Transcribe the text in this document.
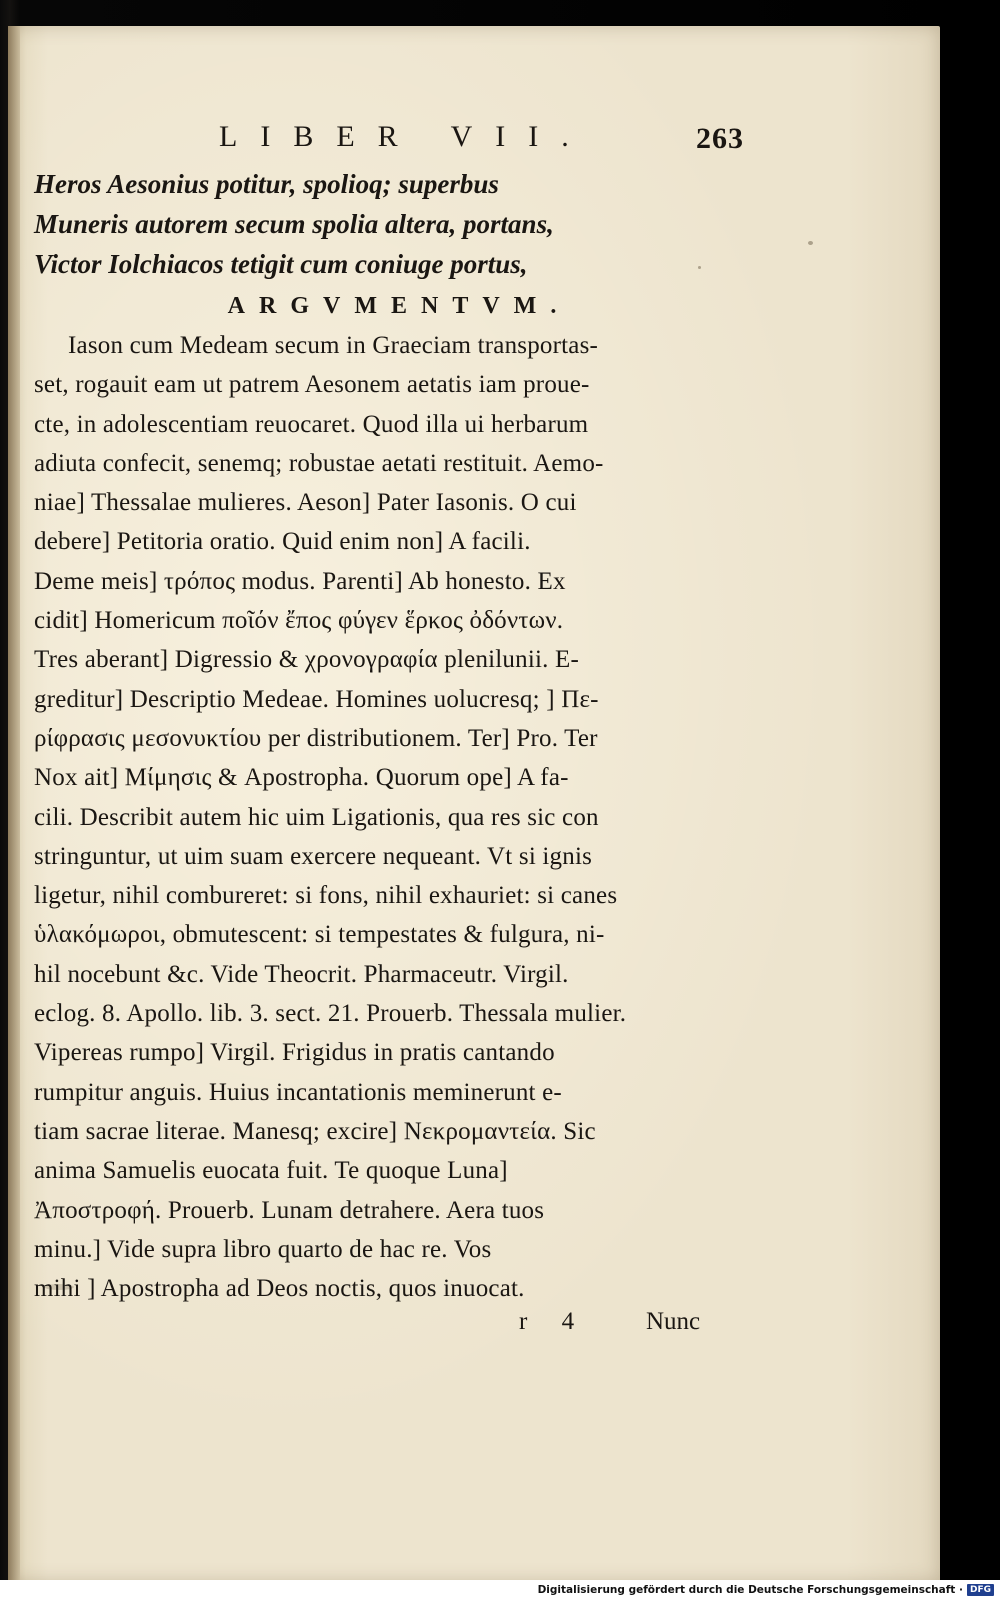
LIBER VII.	263
Heros Aesonius potitur, spolioq; superbus
Muneris autorem secum spolia altera, portans,
Victor Iolchiacos tetigit cum coniuge portus,
ARGVMENTVM.
Iason cum Medeam secum in Graeciam transportas-
set, rogauit eam ut patrem Aesonem aetatis iam proue-
cte, in adolescentiam reuocaret. Quod illa ui herbarum
adiuta confecit, senemq; robustae aetati restituit. Aemo-
niae] Thessalae mulieres. Aeson] Pater Iasonis. O cui
debere] Petitoria oratio. Quid enim non] A facili.
Deme meis] τρόπος modus. Parenti] Ab honesto. Ex
cidit] Homericum ποῖόν ἔπος φύγεν ἕρκος ὀδόντων.
Tres aberant] Digressio & χρονογραφία plenilunii. E-
greditur] Descriptio Medeae. Homines uolucresq; ] Πε-
ρίφρασις μεσονυκτίου per distributionem. Ter] Pro. Ter
Nox ait] Μίμησις & Apostropha. Quorum ope] A fa-
cili. Describit autem hic uim Ligationis, qua res sic con
stringuntur, ut uim suam exercere nequeant. Vt si ignis
ligetur, nihil combureret: si fons, nihil exhauriet: si canes
ὑλακόμωροι, obmutescent: si tempestates & fulgura, ni-
hil nocebunt &c. Vide Theocrit. Pharmaceutr. Virgil.
eclog. 8. Apollo. lib. 3. sect. 21. Prouerb. Thessala mulier.
Vipereas rumpo] Virgil. Frigidus in pratis cantando
rumpitur anguis. Huius incantationis meminerunt e-
tiam sacrae literae. Manesq; excire] Νεκρομαντεία. Sic
anima Samuelis euocata fuit. Te quoque Luna]
Ἀποστροφή. Prouerb. Lunam detrahere. Aera tuos
minu.] Vide supra libro quarto de hac re. Vos
mihi ] Apostropha ad Deos noctis, quos inuocat.
r 4 Nunc
Digitalisierung gefördert durch die Deutsche Forschungsgemeinschaft · DFG
